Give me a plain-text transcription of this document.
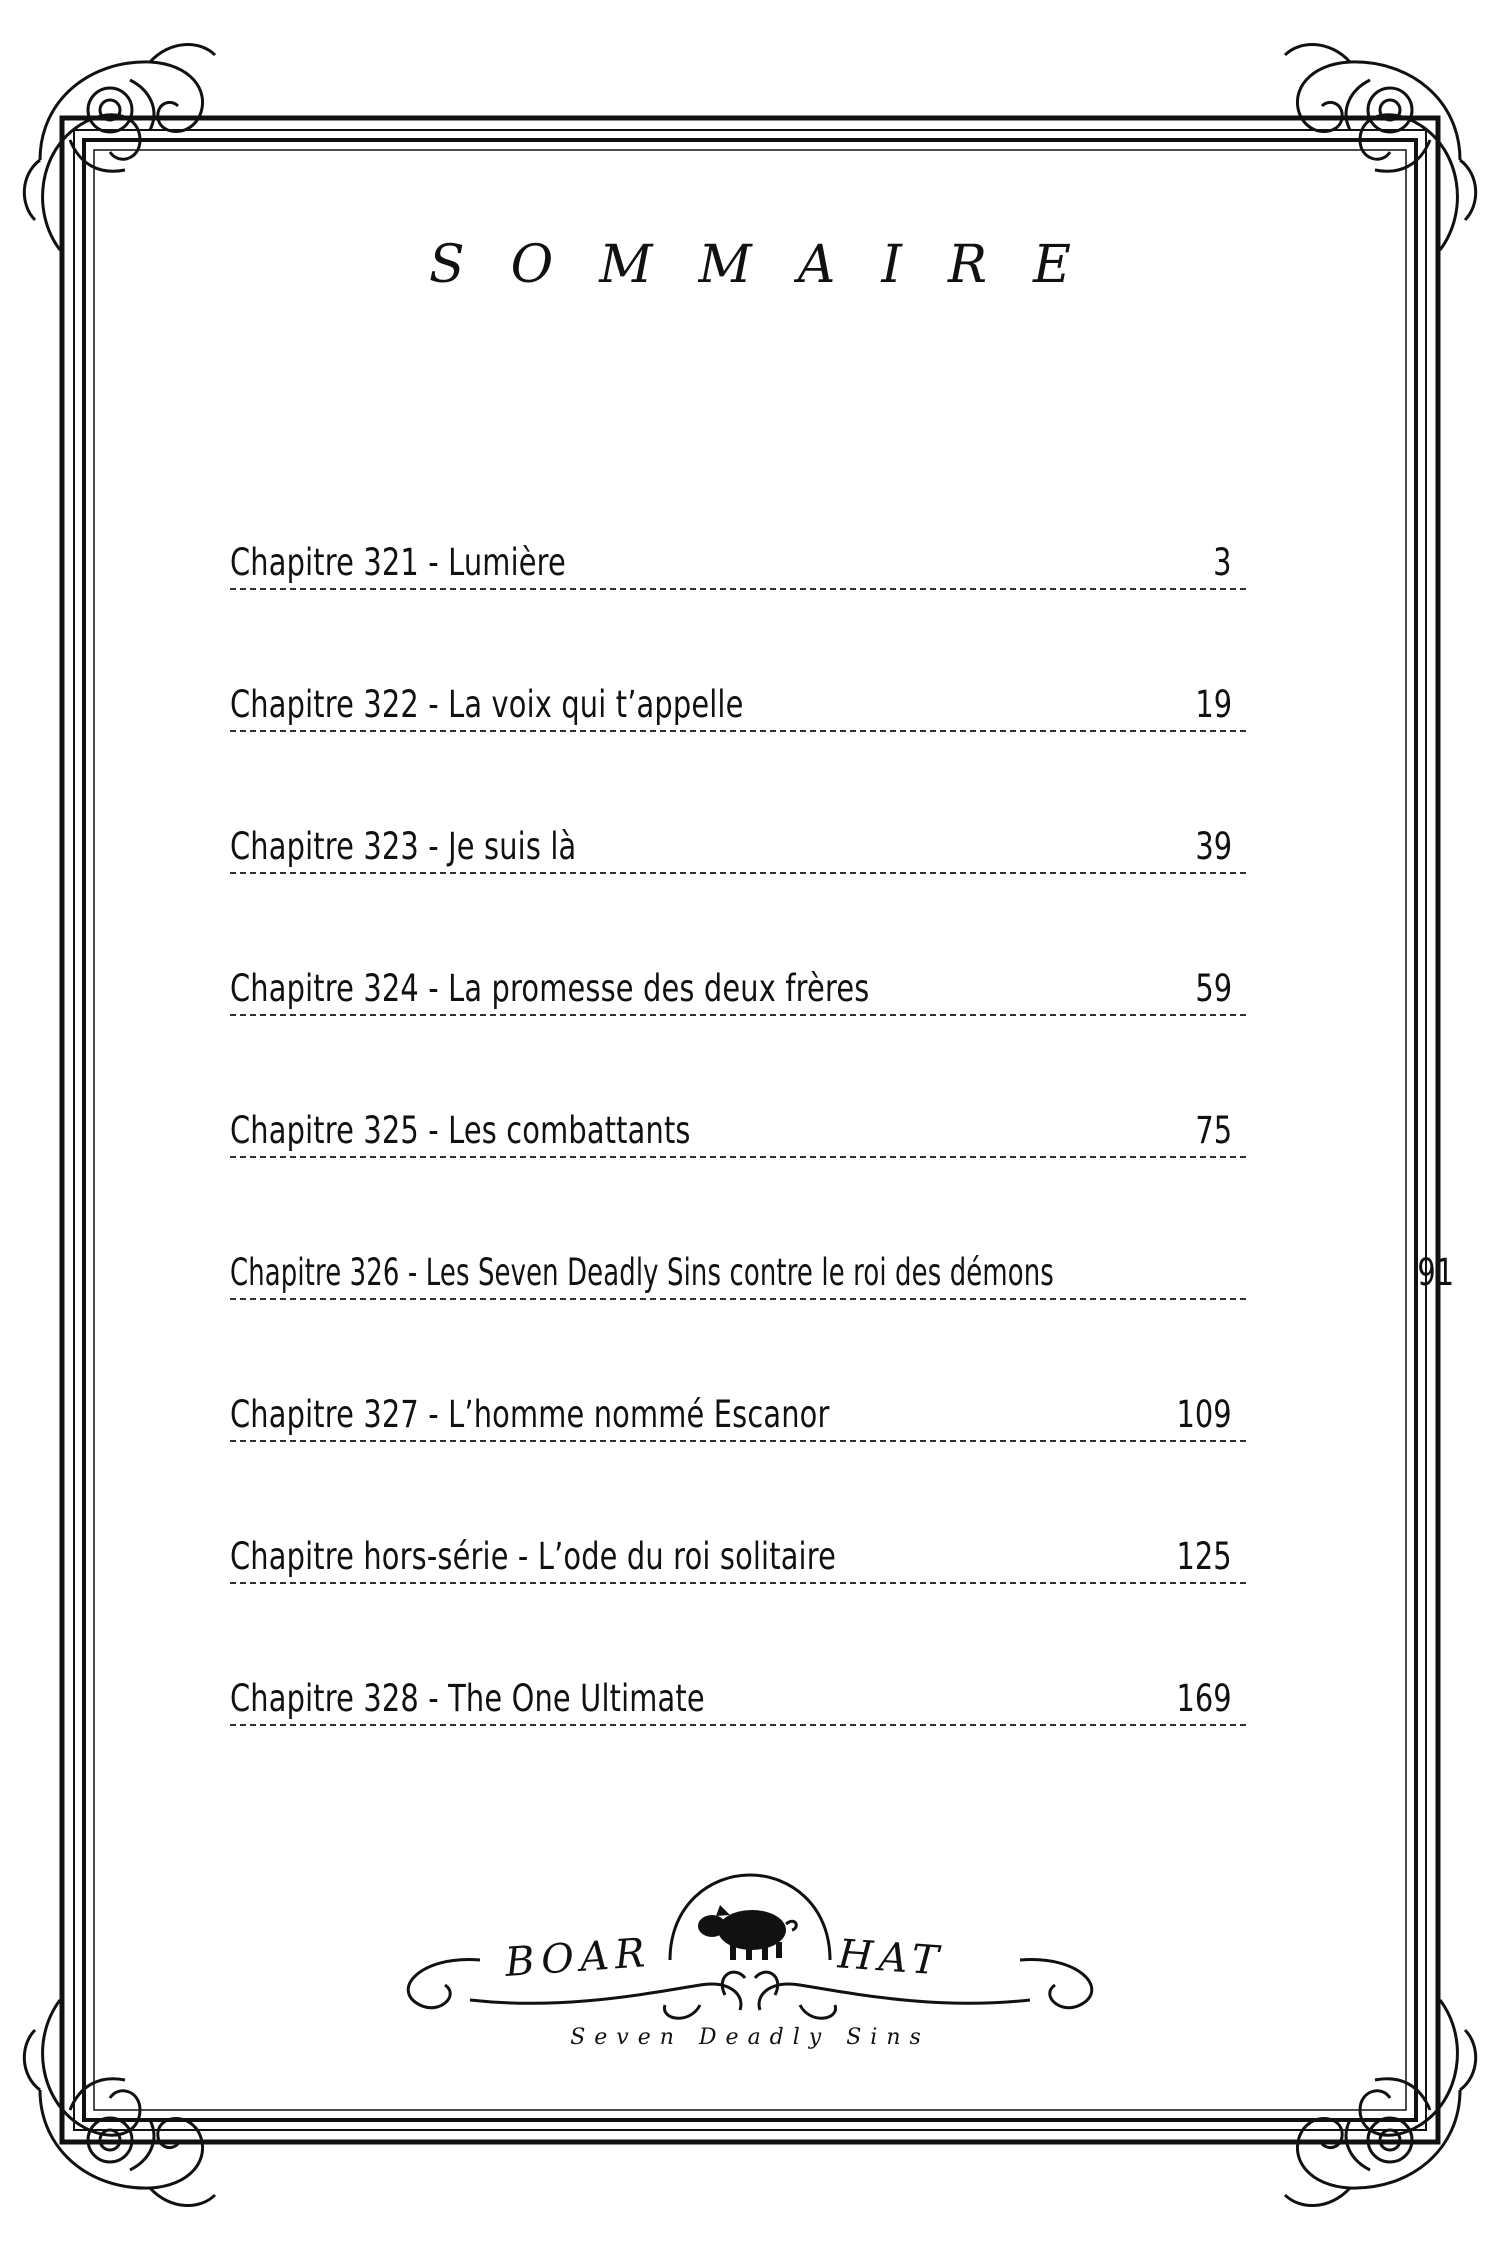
S O M M A I R E
Chapitre 321 - Lumière	3
Chapitre 322 - La voix qui t’appelle	19
Chapitre 323 - Je suis là	39
Chapitre 324 - La promesse des deux frères	59
Chapitre 325 - Les combattants	75
Chapitre 326 - Les Seven Deadly Sins contre le roi des démons	91
Chapitre 327 - L’homme nommé Escanor	109
Chapitre hors-série - L’ode du roi solitaire	125
Chapitre 328 - The One Ultimate	169
BOAR	HAT
Seven Deadly Sins
